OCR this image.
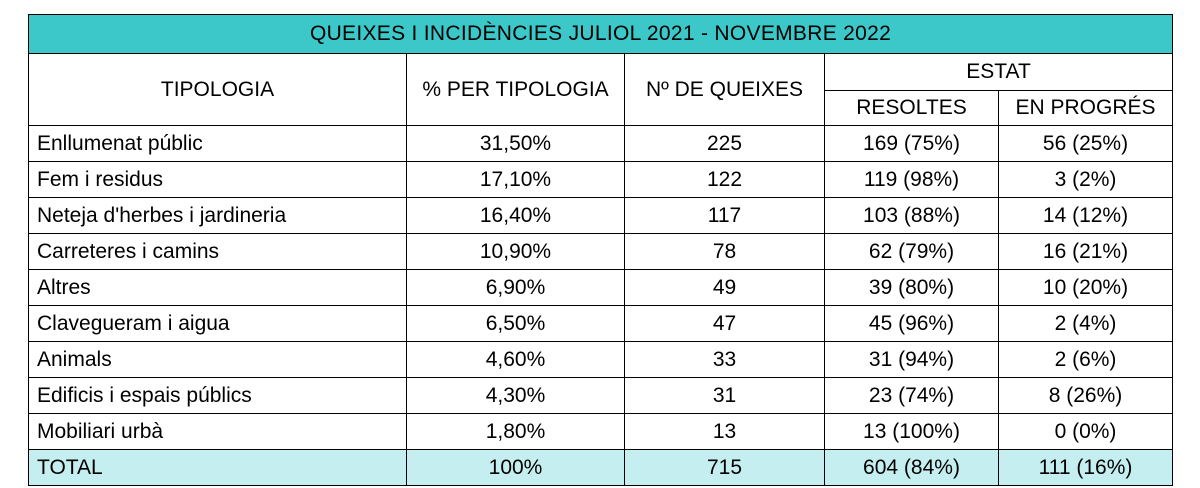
QUEIXES I INCIDÈNCIES JULIOL 2021 - NOVEMBRE 2022				
TIPOLOGIA	% PER TIPOLOGIA	Nº DE QUEIXES	ESTAT	
			RESOLTES	EN PROGRÉS
Enllumenat públic	31,50%	225	169 (75%)	56 (25%)
Fem i residus	17,10%	122	119 (98%)	3 (2%)
Neteja d'herbes i jardineria	16,40%	117	103 (88%)	14 (12%)
Carreteres i camins	10,90%	78	62 (79%)	16 (21%)
Altres	6,90%	49	39 (80%)	10 (20%)
Clavegueram i aigua	6,50%	47	45 (96%)	2 (4%)
Animals	4,60%	33	31 (94%)	2 (6%)
Edificis i espais públics	4,30%	31	23 (74%)	8 (26%)
Mobiliari urbà	1,80%	13	13 (100%)	0 (0%)
TOTAL	100%	715	604 (84%)	111 (16%)
